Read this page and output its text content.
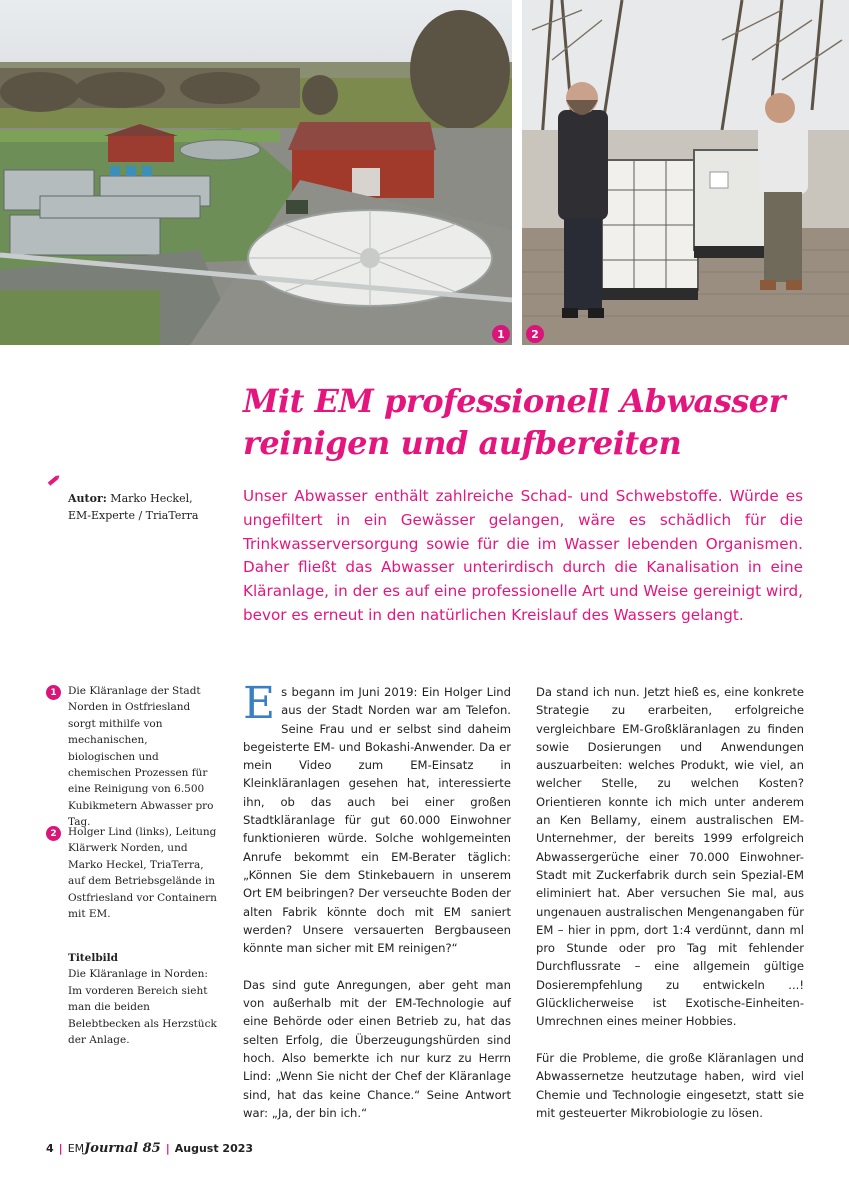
1	2
Mit EM professionell Abwasser
reinigen und aufbereiten
Autor: Marko Heckel,
EM-Experte / TriaTerra

Unser Abwasser enthält zahlreiche Schad- und Schwebstoffe. Würde es ungefiltert in ein Gewässer gelangen, wäre es schädlich für die Trinkwasserversorgung sowie für die im Wasser lebenden Organismen. Daher fließt das Abwasser unterirdisch durch die Kanalisation in eine Kläranlage, in der es auf eine professionelle Art und Weise gereinigt wird, bevor es erneut in den natürlichen Kreislauf des Wassers gelangt.

1	Die Kläranlage der Stadt Norden in Ostfriesland sorgt mithilfe von mechanischen, biologischen und chemischen Prozessen für eine Reinigung von 6.500 Kubikmetern Abwasser pro Tag.

2	Holger Lind (links), Leitung Klärwerk Norden, und Marko Heckel, TriaTerra, auf dem Betriebsgelände in Ostfriesland vor Containern mit EM.

Titelbild
Die Kläranlage in Norden: Im vorderen Bereich sieht man die beiden Belebtbecken als Herzstück der Anlage.

Es begann im Juni 2019: Ein Holger Lind aus der Stadt Norden war am Telefon. Seine Frau und er selbst sind daheim begeisterte EM- und Bokashi-Anwender. Da er mein Video zum EM-Einsatz in Kleinkläranlagen gesehen hat, interessierte ihn, ob das auch bei einer großen Stadtkläranlage für gut 60.000 Einwohner funktionieren würde. Solche wohlgemeinten Anrufe bekommt ein EM-Berater täglich: „Können Sie dem Stinkebauern in unserem Ort EM beibringen? Der verseuchte Boden der alten Fabrik könnte doch mit EM saniert werden? Unsere versauerten Bergbauseen könnte man sicher mit EM reinigen?“

Das sind gute Anregungen, aber geht man von außerhalb mit der EM-Technologie auf eine Behörde oder einen Betrieb zu, hat das selten Erfolg, die Überzeugungshürden sind hoch. Also bemerkte ich nur kurz zu Herrn Lind: „Wenn Sie nicht der Chef der Kläranlage sind, hat das keine Chance.“ Seine Antwort war: „Ja, der bin ich.“

Da stand ich nun. Jetzt hieß es, eine konkrete Strategie zu erarbeiten, erfolgreiche vergleichbare EM-Großkläranlagen zu finden sowie Dosierungen und Anwendungen auszuarbeiten: welches Produkt, wie viel, an welcher Stelle, zu welchen Kosten? Orientieren konnte ich mich unter anderem an Ken Bellamy, einem australischen EM-Unternehmer, der bereits 1999 erfolgreich Abwassergerüche einer 70.000 Einwohner-Stadt mit Zuckerfabrik durch sein Spezial-EM eliminiert hat. Aber versuchen Sie mal, aus ungenauen australischen Mengenangaben für EM – hier in ppm, dort 1:4 verdünnt, dann ml pro Stunde oder pro Tag mit fehlender Durchflussrate – eine allgemein gültige Dosierempfehlung zu entwickeln ...! Glücklicherweise ist Exotische-Einheiten-Umrechnen eines meiner Hobbies.

Für die Probleme, die große Kläranlagen und Abwassernetze heutzutage haben, wird viel Chemie und Technologie eingesetzt, statt sie mit gesteuerter Mikrobiologie zu lösen.

4 | EMJournal 85 | August 2023
